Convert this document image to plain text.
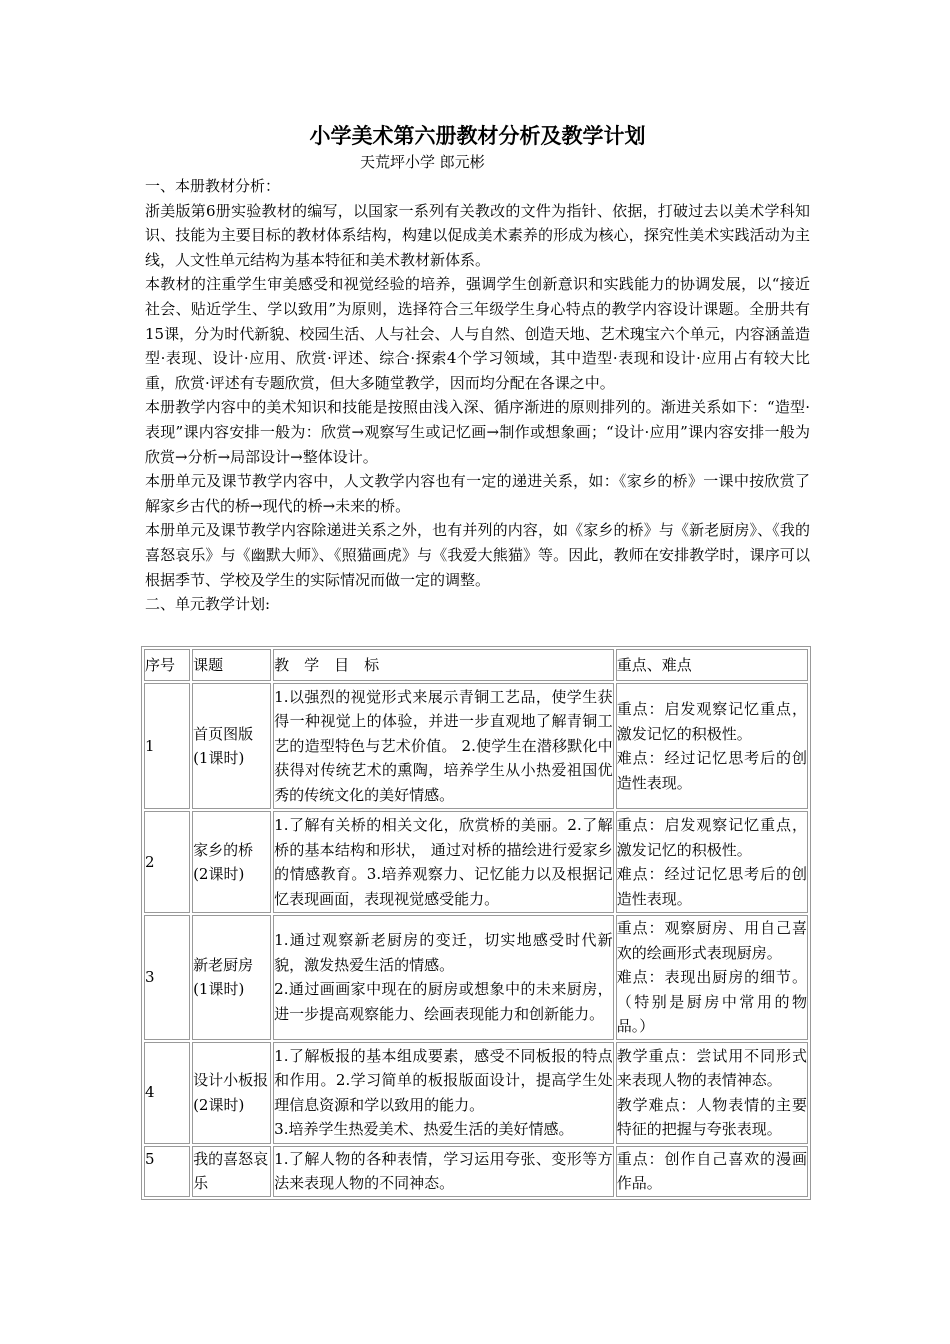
小学美术第六册教材分析及教学计划

天荒坪小学 郎元彬

一、本册教材分析：

浙美版第6册实验教材的编写，以国家一系列有关教改的文件为指针、依据，打破过去以美术学科知识、技能为主要目标的教材体系结构，构建以促成美术素养的形成为核心，探究性美术实践活动为主线，人文性单元结构为基本特征和美术教材新体系。

本教材的注重学生审美感受和视觉经验的培养，强调学生创新意识和实践能力的协调发展，以“接近社会、贴近学生、学以致用”为原则，选择符合三年级学生身心特点的教学内容设计课题。全册共有15课，分为时代新貌、校园生活、人与社会、人与自然、创造天地、艺术瑰宝六个单元，内容涵盖造型·表现、设计·应用、欣赏·评述、综合·探索4个学习领域，其中造型·表现和设计·应用占有较大比重，欣赏·评述有专题欣赏，但大多随堂教学，因而均分配在各课之中。

本册教学内容中的美术知识和技能是按照由浅入深、循序渐进的原则排列的。渐进关系如下：“造型·表现”课内容安排一般为：欣赏→观察写生或记忆画→制作或想象画；“设计·应用”课内容安排一般为欣赏→分析→局部设计→整体设计。

本册单元及课节教学内容中，人文教学内容也有一定的递进关系，如：《家乡的桥》一课中按欣赏了解家乡古代的桥→现代的桥→未来的桥。

本册单元及课节教学内容除递进关系之外，也有并列的内容，如《家乡的桥》与《新老厨房》、《我的喜怒哀乐》与《幽默大师》、《照猫画虎》与《我爱大熊猫》等。因此，教师在安排教学时，课序可以根据季节、学校及学生的实际情况而做一定的调整。

二、单元教学计划:

序号	课题	教　学　目　标	重点、难点
1	首页图版
(1课时)	1.以强烈的视觉形式来展示青铜工艺品，使学生获得一种视觉上的体验，并进一步直观地了解青铜工艺的造型特色与艺术价值。 2.使学生在潜移默化中获得对传统艺术的熏陶，培养学生从小热爱祖国优秀的传统文化的美好情感。	重点：启发观察记忆重点，激发记忆的积极性。
难点：经过记忆思考后的创造性表现。
2	家乡的桥
(2课时)	1.了解有关桥的相关文化，欣赏桥的美丽。2.了解桥的基本结构和形状， 通过对桥的描绘进行爱家乡的情感教育。3.培养观察力、记忆能力以及根据记忆表现画面，表现视觉感受能力。	重点：启发观察记忆重点，激发记忆的积极性。
难点：经过记忆思考后的创造性表现。
3	新老厨房
(1课时)	1.通过观察新老厨房的变迁，切实地感受时代新貌，激发热爱生活的情感。
2.通过画画家中现在的厨房或想象中的未来厨房，进一步提高观察能力、绘画表现能力和创新能力。	重点：观察厨房、用自己喜欢的绘画形式表现厨房。
难点：表现出厨房的细节。（特别是厨房中常用的物品。）
4	设计小板报
(2课时)	1.了解板报的基本组成要素，感受不同板报的特点和作用。2.学习简单的板报版面设计，提高学生处理信息资源和学以致用的能力。
3.培养学生热爱美术、热爱生活的美好情感。	教学重点：尝试用不同形式来表现人物的表情神态。
教学难点：人物表情的主要特征的把握与夸张表现。
5	我的喜怒哀乐	1.了解人物的各种表情，学习运用夸张、变形等方法来表现人物的不同神态。	重点：创作自己喜欢的漫画作品。
